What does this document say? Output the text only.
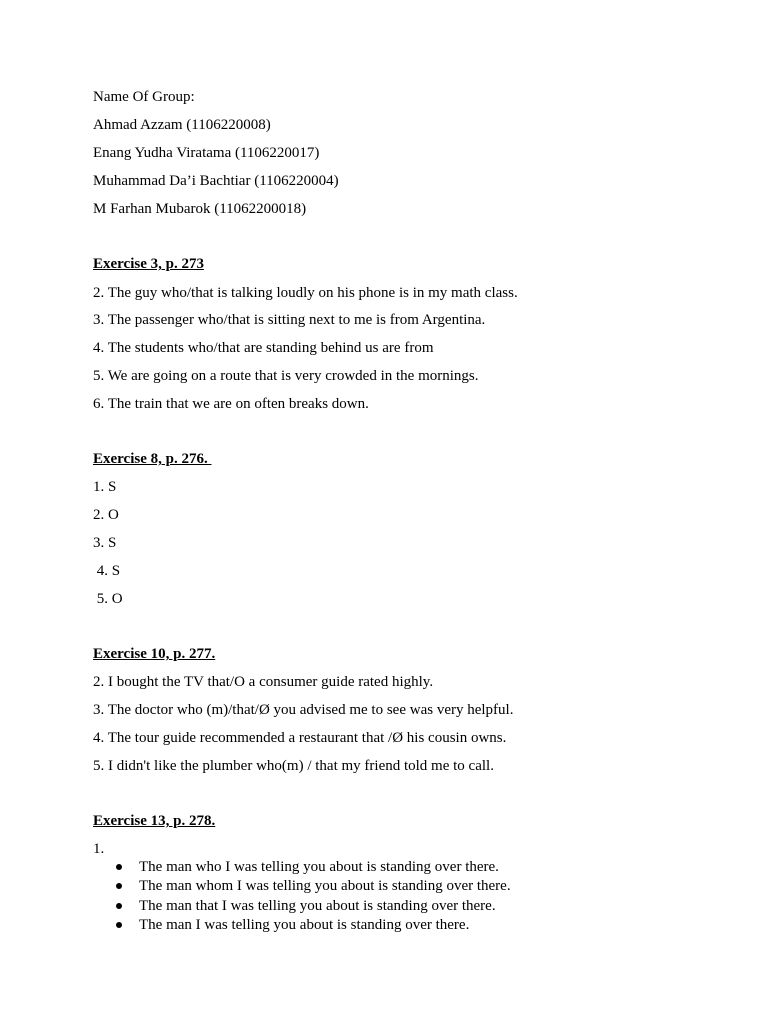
Name Of Group:
Ahmad Azzam (1106220008)
Enang Yudha Viratama (1106220017)
Muhammad Da’i Bachtiar (1106220004)
M Farhan Mubarok (11062200018)
Exercise 3, p. 273
2. The guy who/that is talking loudly on his phone is in my math class.
3. The passenger who/that is sitting next to me is from Argentina.
4. The students who/that are standing behind us are from
5. We are going on a route that is very crowded in the mornings.
6. The train that we are on often breaks down.
Exercise 8, p. 276.
1. S
2. O
3. S
4. S
5. O
Exercise 10, p. 277.
2. I bought the TV that/O a consumer guide rated highly.
3. The doctor who (m)/that/Ø you advised me to see was very helpful.
4. The tour guide recommended a restaurant that /Ø his cousin owns.
5. I didn't like the plumber who(m) / that my friend told me to call.
Exercise 13, p. 278.
1.
The man who I was telling you about is standing over there.
The man whom I was telling you about is standing over there.
The man that I was telling you about is standing over there.
The man I was telling you about is standing over there.
